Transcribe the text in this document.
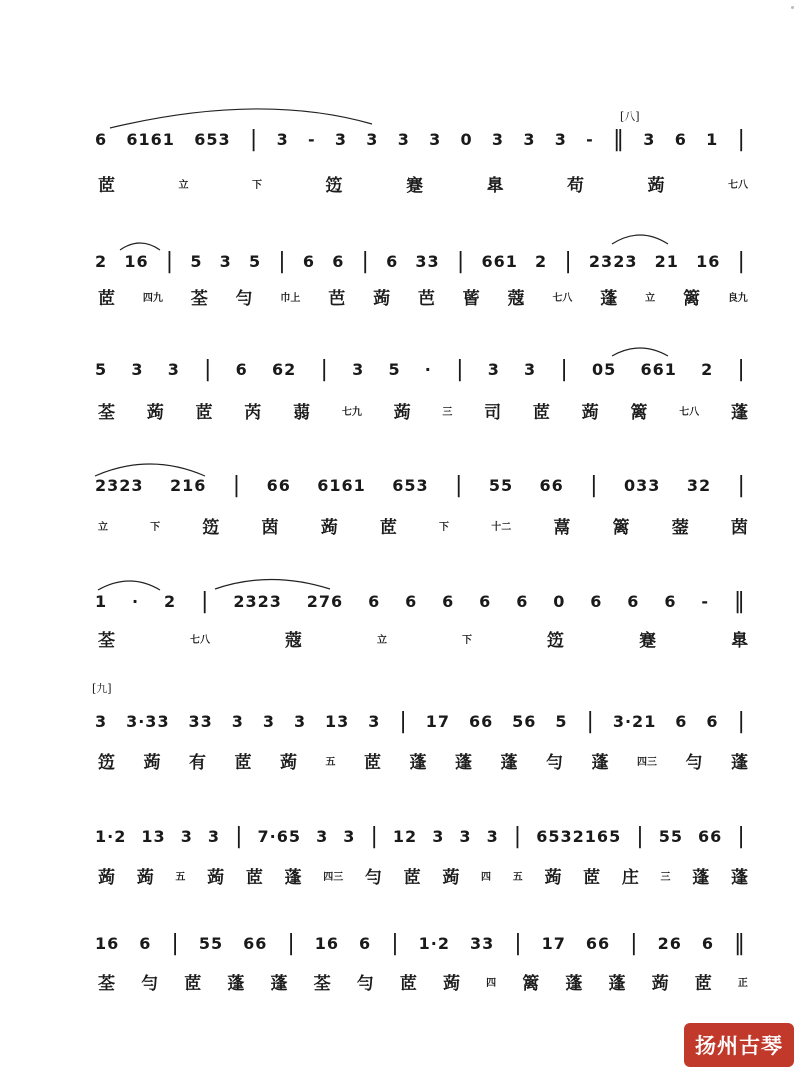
[八]
[九]
6 6161 653 | 3 - 3 3 3 3 0 3 3 3 - ‖ 3 6 1 |
茝	立	下	笾	蹇	臯	苟	蒟	七八
2 16 | 5 3 5 | 6 6 | 6 33 | 661 2 | 2323 21 16 |
茝	四九 荃 勻	巾上 芭 蒟 芭 蒈 蔻	七八 蓬	立 篱	良九
5 3 3 | 6 62 | 3 5 · | 3 3 | 05 661 2 |
荃 蒟 茝 芮 蒻	七九 蒟	三 司 茝 蒟 篱	七八 蓬
2323 216 | 66 6161 653 | 55 66 | 033 32 |
立	下 笾 茵 蒟 茝	下	十二 蒚 篱 蓥 茵
1 · 2 | 2323 276 6 6 6 6 6 0 6 6 6 - ‖
荃	七八	蔻	立	下	笾	蹇	臯
3 3·33 33 3 3 3 13 3 | 17 66 56 5 | 3·21 6 6 |
笾 蒟 有 茝 蒟	五 茝 蓬 蓬 蓬 勻 蓬	四三 勻 蓬
1·2 13 3 3 | 7·65 3 3 | 12 3 3 3 | 6532165 | 55 66 |
蒟 蒟 五 蒟 茝 蓬 四三 勻 茝 蒟 四 五 蒟 茝 庄 三 蓬 蓬
16 6 | 55 66 | 16 6 | 1·2 33 | 17 66 | 26 6 ‖
荃 勻 茝 蓬 蓬 荃 勻 茝 蒟	四 篱 蓬 蓬 蒟 茝	正
扬州古琴
